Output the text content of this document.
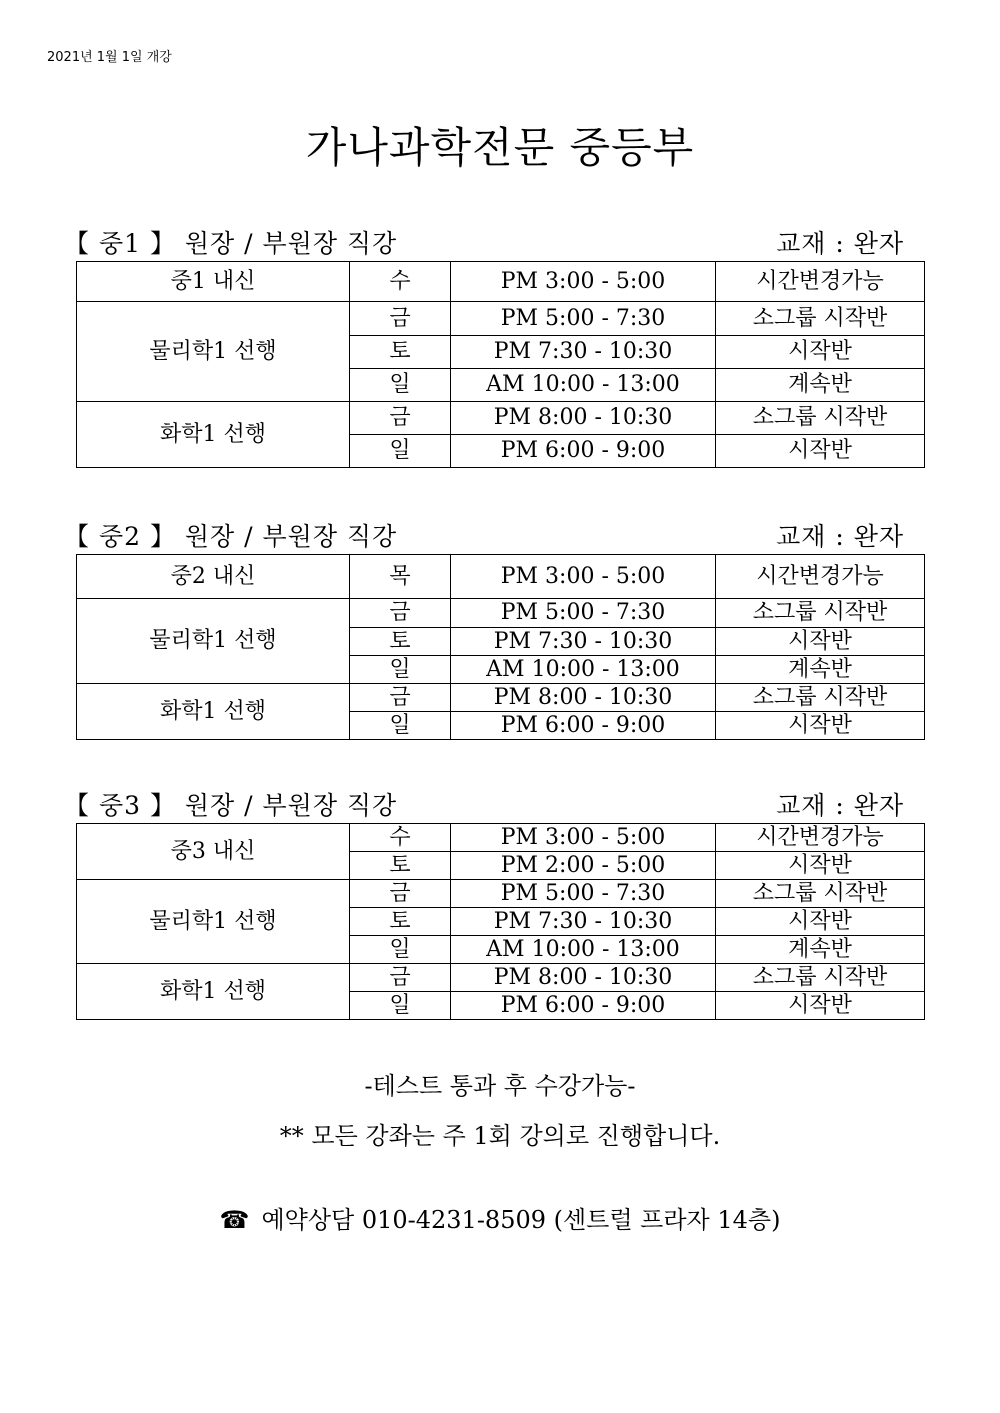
2021년 1월 1일 개강
가나과학전문 중등부
【 중1 】 원장 / 부원장 직강	교재 : 완자
중1 내신	수	PM 3:00 - 5:00	시간변경가능
물리학1 선행	금	PM 5:00 - 7:30	소그룹 시작반
	토	PM 7:30 - 10:30	시작반
	일	AM 10:00 - 13:00	계속반
화학1 선행	금	PM 8:00 - 10:30	소그룹 시작반
	일	PM 6:00 - 9:00	시작반
【 중2 】 원장 / 부원장 직강	교재 : 완자
중2 내신	목	PM 3:00 - 5:00	시간변경가능
물리학1 선행	금	PM 5:00 - 7:30	소그룹 시작반
	토	PM 7:30 - 10:30	시작반
	일	AM 10:00 - 13:00	계속반
화학1 선행	금	PM 8:00 - 10:30	소그룹 시작반
	일	PM 6:00 - 9:00	시작반
【 중3 】 원장 / 부원장 직강	교재 : 완자
중3 내신	수	PM 3:00 - 5:00	시간변경가능
	토	PM 2:00 - 5:00	시작반
물리학1 선행	금	PM 5:00 - 7:30	소그룹 시작반
	토	PM 7:30 - 10:30	시작반
	일	AM 10:00 - 13:00	계속반
화학1 선행	금	PM 8:00 - 10:30	소그룹 시작반
	일	PM 6:00 - 9:00	시작반
-테스트 통과 후 수강가능-
** 모든 강좌는 주 1회 강의로 진행합니다.
☎ 예약상담 010-4231-8509 (센트럴 프라자 14층)
